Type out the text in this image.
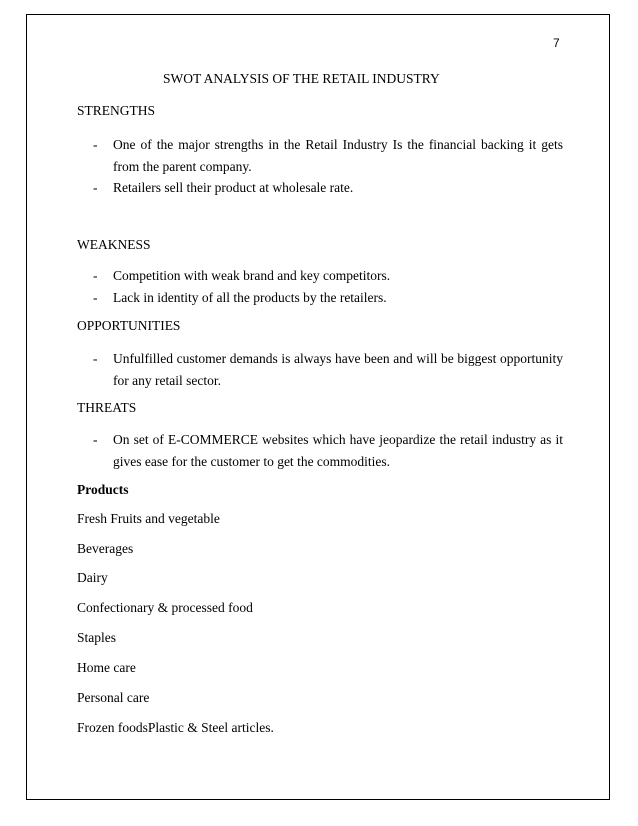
7
SWOT ANALYSIS OF THE RETAIL INDUSTRY
STRENGTHS
- One of the major strengths in the Retail Industry Is the financial backing it gets from the parent company.
- Retailers sell their product at wholesale rate.
WEAKNESS
- Competition with weak brand and key competitors.
- Lack in identity of all the products by the retailers.
OPPORTUNITIES
- Unfulfilled customer demands is always have been and will be biggest opportunity for any retail sector.
THREATS
- On set of E-COMMERCE websites which have jeopardize the retail industry as it gives ease for the customer to get the commodities.
Products
Fresh Fruits and vegetable
Beverages
Dairy
Confectionary & processed food
Staples
Home care
Personal care
Frozen foodsPlastic & Steel articles.
